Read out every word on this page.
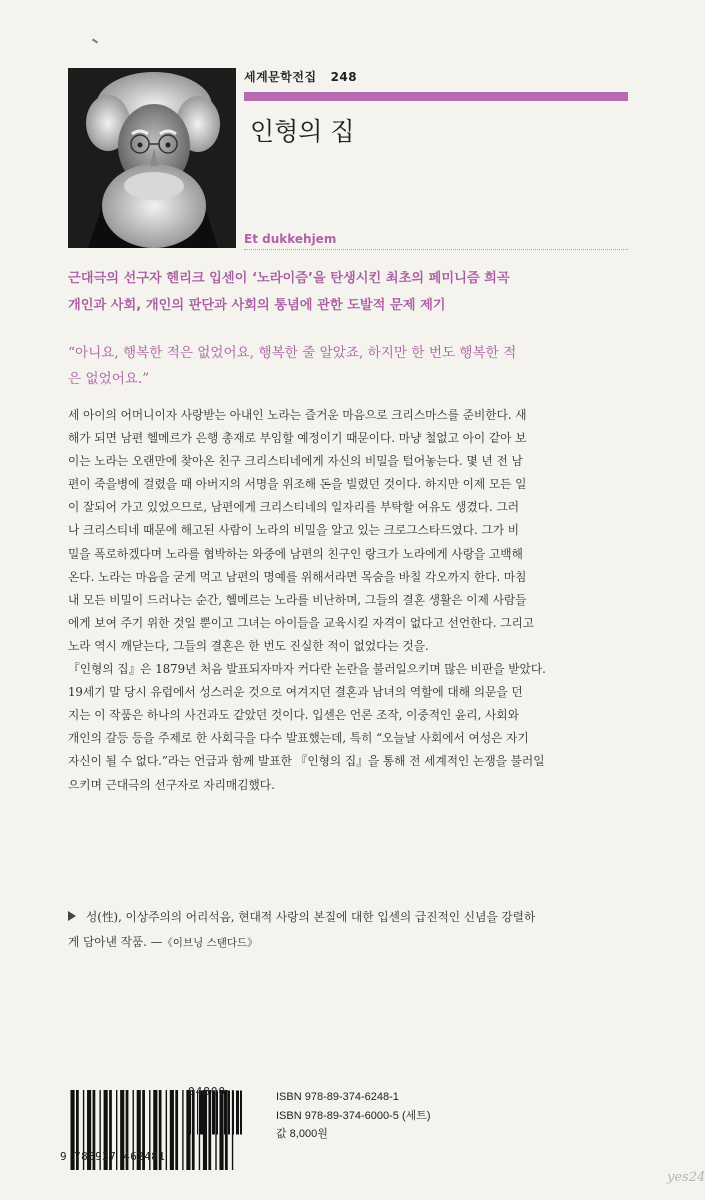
세계문학전집 248
인형의 집
Et dukkehjem
근대극의 선구자 헨리크 입센이 ‘노라이즘’을 탄생시킨 최초의 페미니즘 희곡
개인과 사회, 개인의 판단과 사회의 통념에 관한 도발적 문제 제기
“아니요, 행복한 적은 없었어요, 행복한 줄 알았죠, 하지만 한 번도 행복한 적
은 없었어요.”

세 아이의 어머니이자 사랑받는 아내인 노라는 즐거운 마음으로 크리스마스를 준비한다. 새

해가 되면 남편 헬메르가 은행 총재로 부임할 예정이기 때문이다. 마냥 철없고 아이 같아 보

이는 노라는 오랜만에 찾아온 친구 크리스티네에게 자신의 비밀을 털어놓는다. 몇 년 전 남

편이 죽을병에 걸렸을 때 아버지의 서명을 위조해 돈을 빌렸던 것이다. 하지만 이제 모든 일

이 잘되어 가고 있었으므로, 남편에게 크리스티네의 일자리를 부탁할 여유도 생겼다. 그러

나 크리스티네 때문에 해고된 사람이 노라의 비밀을 알고 있는 크로그스타드였다. 그가 비

밀을 폭로하겠다며 노라를 협박하는 와중에 남편의 친구인 랑크가 노라에게 사랑을 고백해

온다. 노라는 마음을 굳게 먹고 남편의 명예를 위해서라면 목숨을 바칠 각오까지 한다. 마침

내 모든 비밀이 드러나는 순간, 헬메르는 노라를 비난하며, 그들의 결혼 생활은 이제 사람들

에게 보여 주기 위한 것일 뿐이고 그녀는 아이들을 교육시킬 자격이 없다고 선언한다. 그리고

노라 역시 깨닫는다, 그들의 결혼은 한 번도 진실한 적이 없었다는 것을.

『인형의 집』은 1879년 처음 발표되자마자 커다란 논란을 불러일으키며 많은 비판을 받았다.

19세기 말 당시 유럽에서 성스러운 것으로 여겨지던 결혼과 남녀의 역할에 대해 의문을 던

지는 이 작품은 하나의 사건과도 같았던 것이다. 입센은 언론 조작, 이중적인 윤리, 사회와

개인의 갈등 등을 주제로 한 사회극을 다수 발표했는데, 특히 “오늘날 사회에서 여성은 자기

자신이 될 수 없다.”라는 언급과 함께 발표한 『인형의 집』을 통해 전 세계적인 논쟁을 불러일

으키며 근대극의 선구자로 자리매김했다.

성(性), 이상주의의 어리석음, 현대적 사랑의 본질에 대한 입센의 급진적인 신념을 강렬하
게 담아낸 작품. —《이브닝 스탠다드》
04800
9 788937 462481
ISBN 978-89-374-6248-1
ISBN 978-89-374-6000-5 (세트)
값 8,000원
yes24
